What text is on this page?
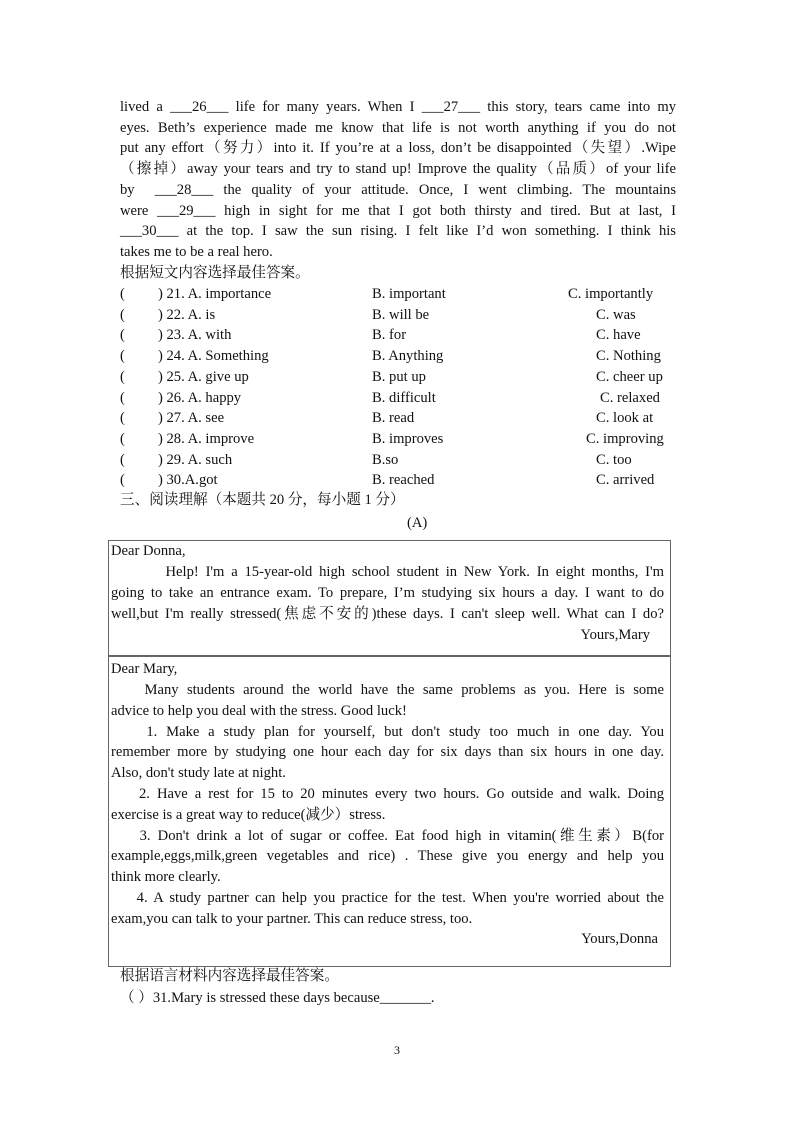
lived a ___26___ life for many years. When I ___27___ this story, tears came into my
eyes. Beth’s experience made me know that life is not worth anything if you do not
put any effort（努力）into it. If you’re at a loss, don’t be disappointed（失望）.Wipe
（擦掉）away your tears and try to stand up! Improve the quality（品质）of your life
by  ___28___ the quality of your attitude. Once, I went climbing. The mountains
were ___29___ high in sight for me that I got both thirsty and tired. But at last, I
___30___ at the top. I saw the sun rising. I felt like I’d won something. I think his
takes me to be a real hero.
根据短文内容选择最佳答案。
( ) 21. A. importance	B. important	C. importantly
( ) 22. A. is	B. will be	C. was
( ) 23. A. with	B. for	C. have
( ) 24. A. Something	B. Anything	C. Nothing
( ) 25. A. give up	B. put up	C. cheer up
( ) 26. A. happy	B. difficult	C. relaxed
( ) 27. A. see	B. read	C. look at
( ) 28. A. improve	B. improves	C. improving
( ) 29. A. such	B.so	C. too
( ) 30.A.got	B. reached	C. arrived
三、阅读理解（本题共 20 分，每小题 1 分）
(A)
Dear Donna,
Help! I'm a 15-year-old high school student in New York. In eight months, I'm
going to take an entrance exam. To prepare, I’m studying six hours a day. I want to do
well,but I'm really stressed(焦虑不安的)these days. I can't sleep well. What can I do?
Yours,Mary
Dear Mary,
Many students around the world have the same problems as you. Here is some
advice to help you deal with the stress. Good luck!
1. Make a study plan for yourself, but don't study too much in one day. You
remember more by studying one hour each day for six days than six hours in one day.
Also, don't study late at night.
2. Have a rest for 15 to 20 minutes every two hours. Go outside and walk. Doing
exercise is a great way to reduce(减少）stress.
3. Don't drink a lot of sugar or coffee. Eat food high in vitamin(维生素）B(for
example,eggs,milk,green vegetables and rice) . These give you energy and help you
think more clearly.
4. A study partner can help you practice for the test. When you're worried about the
exam,you can talk to your partner. This can reduce stress, too.
Yours,Donna
根据语言材料内容选择最佳答案。
（ ）31.Mary is stressed these days because_______.
3
